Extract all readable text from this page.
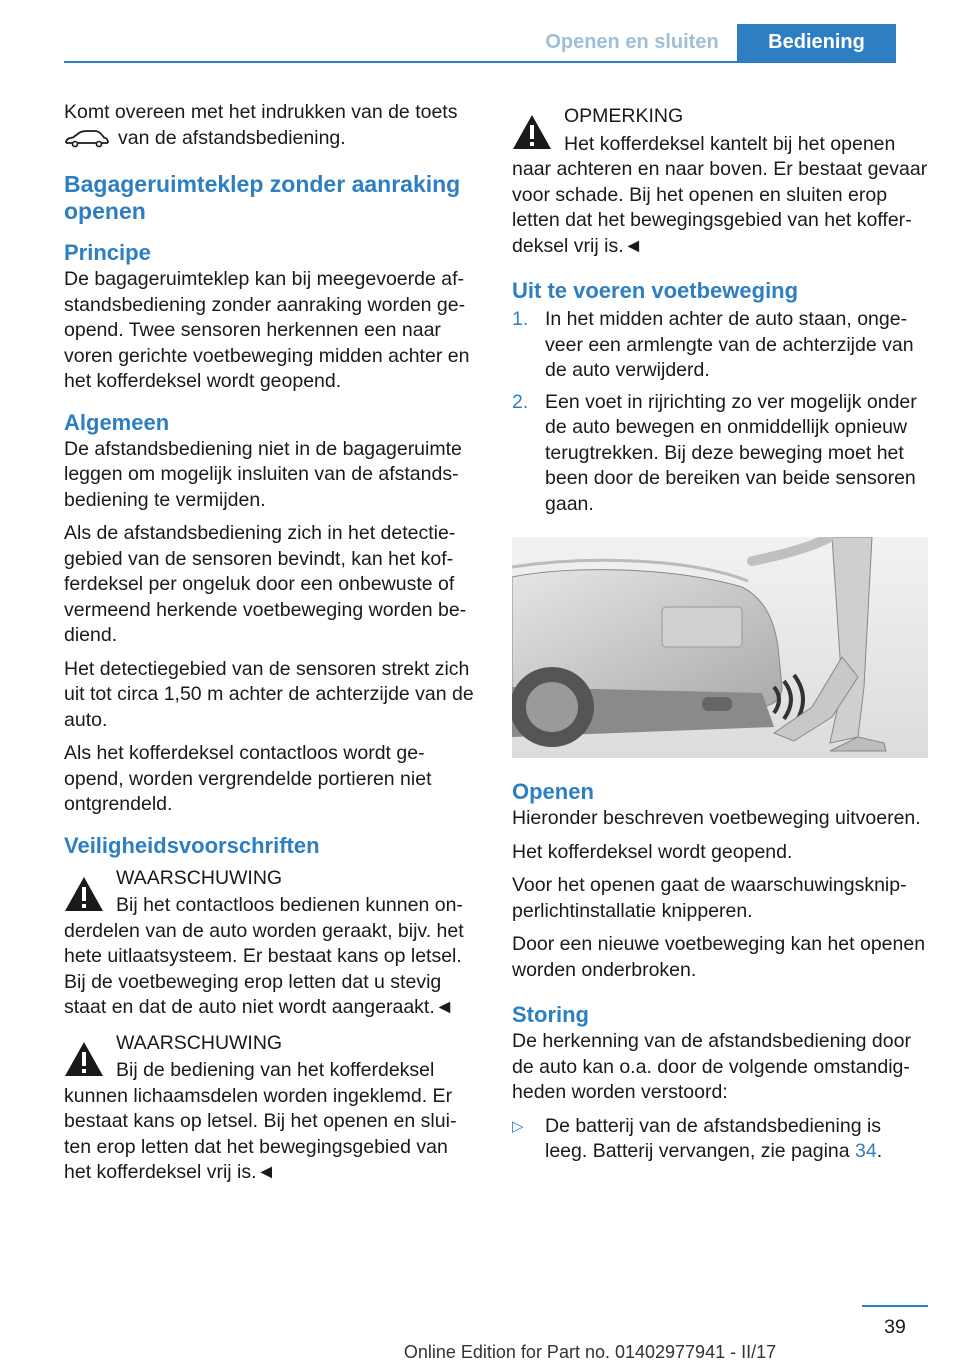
Openen en sluiten	Bediening

Komt overeen met het indrukken van de toets
van de afstandsbediening.

Bagageruimteklep zonder aanraking openen
Principe

De bagageruimteklep kan bij meegevoerde afstandsbediening zonder aanraking worden geopend. Twee sensoren herkennen een naar voren gerichte voetbeweging midden achter en het kofferdeksel wordt geopend.

Algemeen

De afstandsbediening niet in de bagageruimte leggen om mogelijk insluiten van de afstandsbediening te vermijden.

Als de afstandsbediening zich in het detectiegebied van de sensoren bevindt, kan het kofferdeksel per ongeluk door een onbewuste of vermeend herkende voetbeweging worden bediend.

Het detectiegebied van de sensoren strekt zich uit tot circa 1,50 m achter de achterzijde van de auto.

Als het kofferdeksel contactloos wordt geopend, worden vergrendelde portieren niet ontgrendeld.

Veiligheidsvoorschriften

WAARSCHUWING

Bij het contactloos bedienen kunnen onderdelen van de auto worden geraakt, bijv. het hete uitlaatsysteem. Er bestaat kans op letsel. Bij de voetbeweging erop letten dat u stevig staat en dat de auto niet wordt aangeraakt.◄

WAARSCHUWING

Bij de bediening van het kofferdeksel kunnen lichaamsdelen worden ingeklemd. Er bestaat kans op letsel. Bij het openen en sluiten erop letten dat het bewegingsgebied van het kofferdeksel vrij is.◄

OPMERKING

Het kofferdeksel kantelt bij het openen naar achteren en naar boven. Er bestaat gevaar voor schade. Bij het openen en sluiten erop letten dat het bewegingsgebied van het kofferdeksel vrij is.◄

Uit te voeren voetbeweging
1. In het midden achter de auto staan, ongeveer een armlengte van de achterzijde van de auto verwijderd.
2. Een voet in rijrichting zo ver mogelijk onder de auto bewegen en onmiddellijk opnieuw terugtrekken. Bij deze beweging moet het been door de bereiken van beide sensoren gaan.
Openen

Hieronder beschreven voetbeweging uitvoeren.

Het kofferdeksel wordt geopend.

Voor het openen gaat de waarschuwingsknipperlichtinstallatie knipperen.

Door een nieuwe voetbeweging kan het openen worden onderbroken.

Storing

De herkenning van de afstandsbediening door de auto kan o.a. door de volgende omstandigheden worden verstoord:

▷ De batterij van de afstandsbediening is leeg. Batterij vervangen, zie pagina 34.
39
Online Edition for Part no. 01402977941 - II/17
